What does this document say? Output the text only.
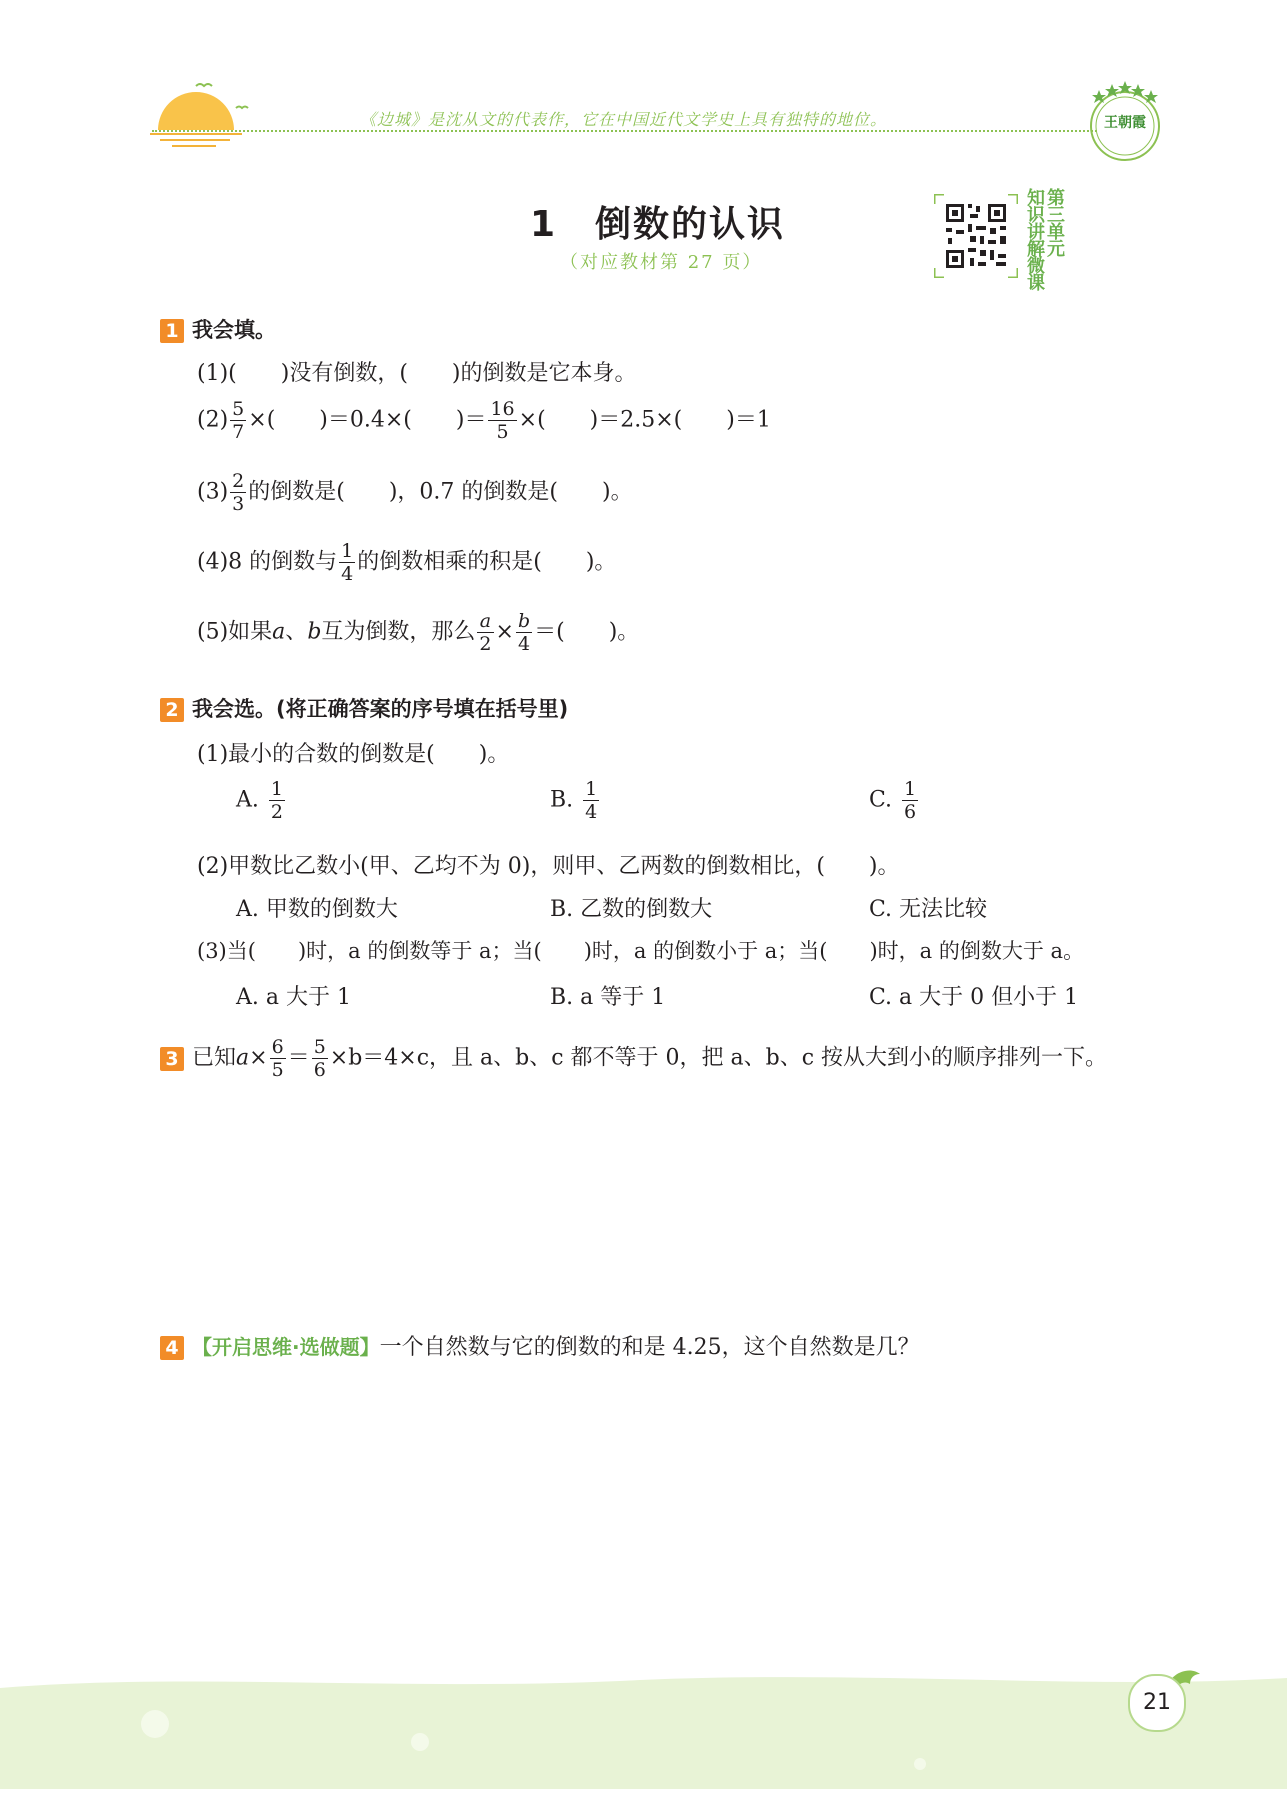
《边城》是沈从文的代表作，它在中国近代文学史上具有独特的地位。	王朝霞
1　倒数的认识
（对应教材第 27 页）
第三单元
知识讲解微课
1 我会填。
(1)(　　)没有倒数，(　　)的倒数是它本身。
$(2) \frac{5}{7}$ ×(　　)＝0.4×(　　)＝ $\frac{16}{5}$ ×(　　)＝2.5×(　　)＝1
$(3) \frac{2}{3}$ 的倒数是(　　)，0.7 的倒数是(　　)。
(4)8 的倒数与 $\frac{1}{4}$ 的倒数相乘的积是(　　)。
(5)如果a、b互为倒数，那么 $\frac{a}{2} \times \frac{b}{4}$ ＝(　　)。
2 我会选。(将正确答案的序号填在括号里)
(1)最小的合数的倒数是(　　)。
A. $\frac{1}{2}$	B. $\frac{1}{4}$	C. $\frac{1}{6}$
(2)甲数比乙数小(甲、乙均不为 0)，则甲、乙两数的倒数相比，(　　)。
A. 甲数的倒数大	B. 乙数的倒数大	C. 无法比较
(3)当(　　)时，a 的倒数等于 a；当(　　)时，a 的倒数小于 a；当(　　)时，a 的倒数大于 a。
A. a 大于 1	B. a 等于 1	C. a 大于 0 但小于 1
3 已知$a\times \frac{6}{5} = \frac{5}{6} \times b=4\times c$，且 a、b、c 都不等于 0，把 a、b、c 按从大到小的顺序排列一下。
4 【开启思维·选做题】一个自然数与它的倒数的和是 4.25，这个自然数是几？
21
